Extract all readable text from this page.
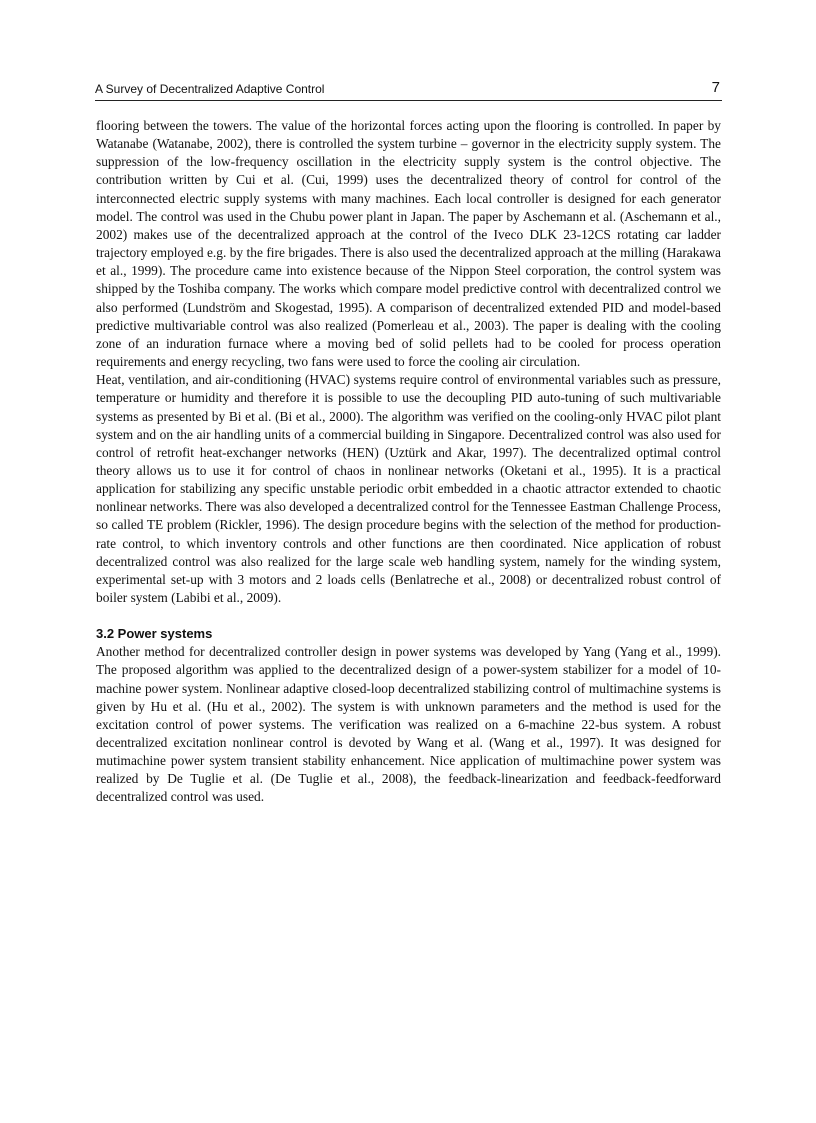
A Survey of Decentralized Adaptive Control	7

flooring between the towers. The value of the horizontal forces acting upon the flooring is controlled. In paper by Watanabe (Watanabe, 2002), there is controlled the system turbine – governor in the electricity supply system. The suppression of the low-frequency oscillation in the electricity supply system is the control objective. The contribution written by Cui et al. (Cui, 1999) uses the decentralized theory of control for control of the interconnected electric supply systems with many machines. Each local controller is designed for each generator model. The control was used in the Chubu power plant in Japan. The paper by Aschemann et al. (Aschemann et al., 2002) makes use of the decentralized approach at the control of the Iveco DLK 23-12CS rotating car ladder trajectory employed e.g. by the fire brigades. There is also used the decentralized approach at the milling (Harakawa et al., 1999). The procedure came into existence because of the Nippon Steel corporation, the control system was shipped by the Toshiba company. The works which compare model predictive control with decentralized control we also performed (Lundström and Skogestad, 1995). A comparison of decentralized extended PID and model-based predictive multivariable control was also realized (Pomerleau et al., 2003). The paper is dealing with the cooling zone of an induration furnace where a moving bed of solid pellets had to be cooled for process operation requirements and energy recycling, two fans were used to force the cooling air circulation.

Heat, ventilation, and air-conditioning (HVAC) systems require control of environmental variables such as pressure, temperature or humidity and therefore it is possible to use the decoupling PID auto-tuning of such multivariable systems as presented by Bi et al. (Bi et al., 2000). The algorithm was verified on the cooling-only HVAC pilot plant system and on the air handling units of a commercial building in Singapore. Decentralized control was also used for control of retrofit heat-exchanger networks (HEN) (Uztürk and Akar, 1997). The decentralized optimal control theory allows us to use it for control of chaos in nonlinear networks (Oketani et al., 1995). It is a practical application for stabilizing any specific unstable periodic orbit embedded in a chaotic attractor extended to chaotic nonlinear networks. There was also developed a decentralized control for the Tennessee Eastman Challenge Process, so called TE problem (Rickler, 1996). The design procedure begins with the selection of the method for production-rate control, to which inventory controls and other functions are then coordinated. Nice application of robust decentralized control was also realized for the large scale web handling system, namely for the winding system, experimental set-up with 3 motors and 2 loads cells (Benlatreche et al., 2008) or decentralized robust control of boiler system (Labibi et al., 2009).

3.2 Power systems

Another method for decentralized controller design in power systems was developed by Yang (Yang et al., 1999). The proposed algorithm was applied to the decentralized design of a power-system stabilizer for a model of 10-machine power system. Nonlinear adaptive closed-loop decentralized stabilizing control of multimachine systems is given by Hu et al. (Hu et al., 2002). The system is with unknown parameters and the method is used for the excitation control of power systems. The verification was realized on a 6-machine 22-bus system. A robust decentralized excitation nonlinear control is devoted by Wang et al. (Wang et al., 1997). It was designed for mutimachine power system transient stability enhancement. Nice application of multimachine power system was realized by De Tuglie et al. (De Tuglie et al., 2008), the feedback-linearization and feedback-feedforward decentralized control was used.
